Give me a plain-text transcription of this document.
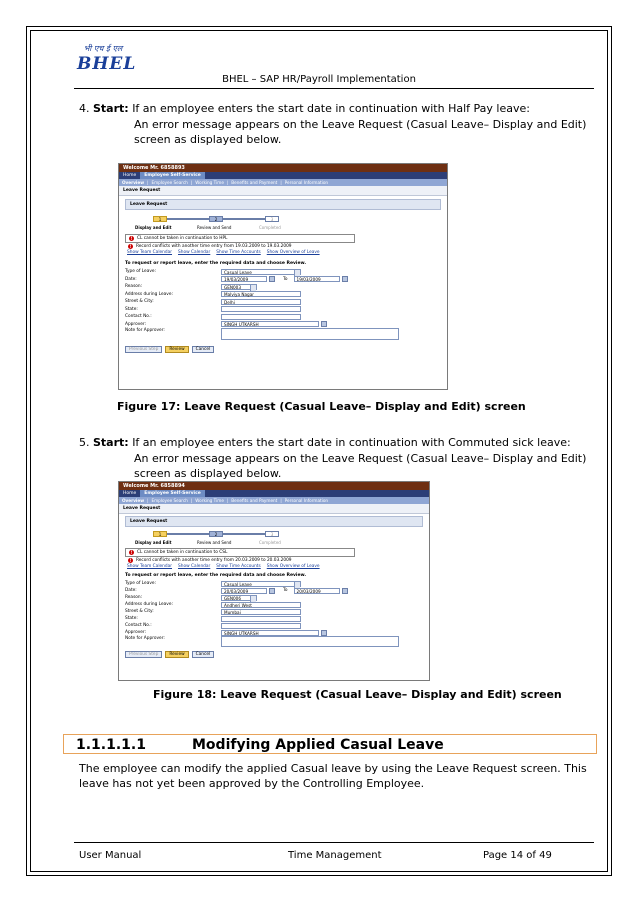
भी एच ई एल
BHEL
BHEL – SAP HR/Payroll Implementation
4. Start: If an employee enters the start date in continuation with Half Pay leave:
An error message appears on the Leave Request (Casual Leave– Display and Edit)
screen as displayed below.
Welcome Mr. 6858893
Home	Employee Self-Service
Overview | Employee Search | Working Time | Benefits and Payment | Personal Information
Leave Request
Leave Request
1	2	3
Display and Edit	Review and Send	Completed
!	CL cannot be taken in continuation to HPL
!	Record conflicts with another time entry from 19.03.2009 to 19.03.2009
Show Team Calendar Show Calendar Show Time Accounts Show Overview of Leave
To request or report leave, enter the required data and choose Review.
Type of Leave:	Casual Leave
Date:	19/03/2009	To	19/03/2009
Reason:	GEN003
Address during Leave:	Malviya Nagar
Street & City:	Delhi
State:
Contact No.:
Approver:	SINGH UTKARSH
Note for Approver:
Previous Step	Review	Cancel
Figure 17: Leave Request (Casual Leave– Display and Edit) screen
5. Start: If an employee enters the start date in continuation with Commuted sick leave:
An error message appears on the Leave Request (Casual Leave– Display and Edit)
screen as displayed below.
Welcome Mr. 6858894
Home	Employee Self-Service
Overview | Employee Search | Working Time | Benefits and Payment | Personal Information
Leave Request
Leave Request
1	2	3
Display and Edit	Review and Send	Completed
!	CL cannot be taken in continuation to CSL
!	Record conflicts with another time entry from 20.03.2009 to 20.03.2009
Show Team Calendar Show Calendar Show Time Accounts Show Overview of Leave
To request or report leave, enter the required data and choose Review.
Type of Leave:	Casual Leave
Date:	20/03/2009	To	20/03/2009
Reason:	GEN006
Address during Leave:	Andheri West
Street & City:	Mumbai
State:
Contact No.:
Approver:	SINGH UTKARSH
Note for Approver:
Previous Step	Review	Cancel
Figure 18: Leave Request (Casual Leave– Display and Edit) screen
1.1.1.1.1	Modifying Applied Casual Leave
The employee can modify the applied Casual leave by using the Leave Request screen. This
leave has not yet been approved by the Controlling Employee.
User Manual	Time Management	Page 14 of 49
